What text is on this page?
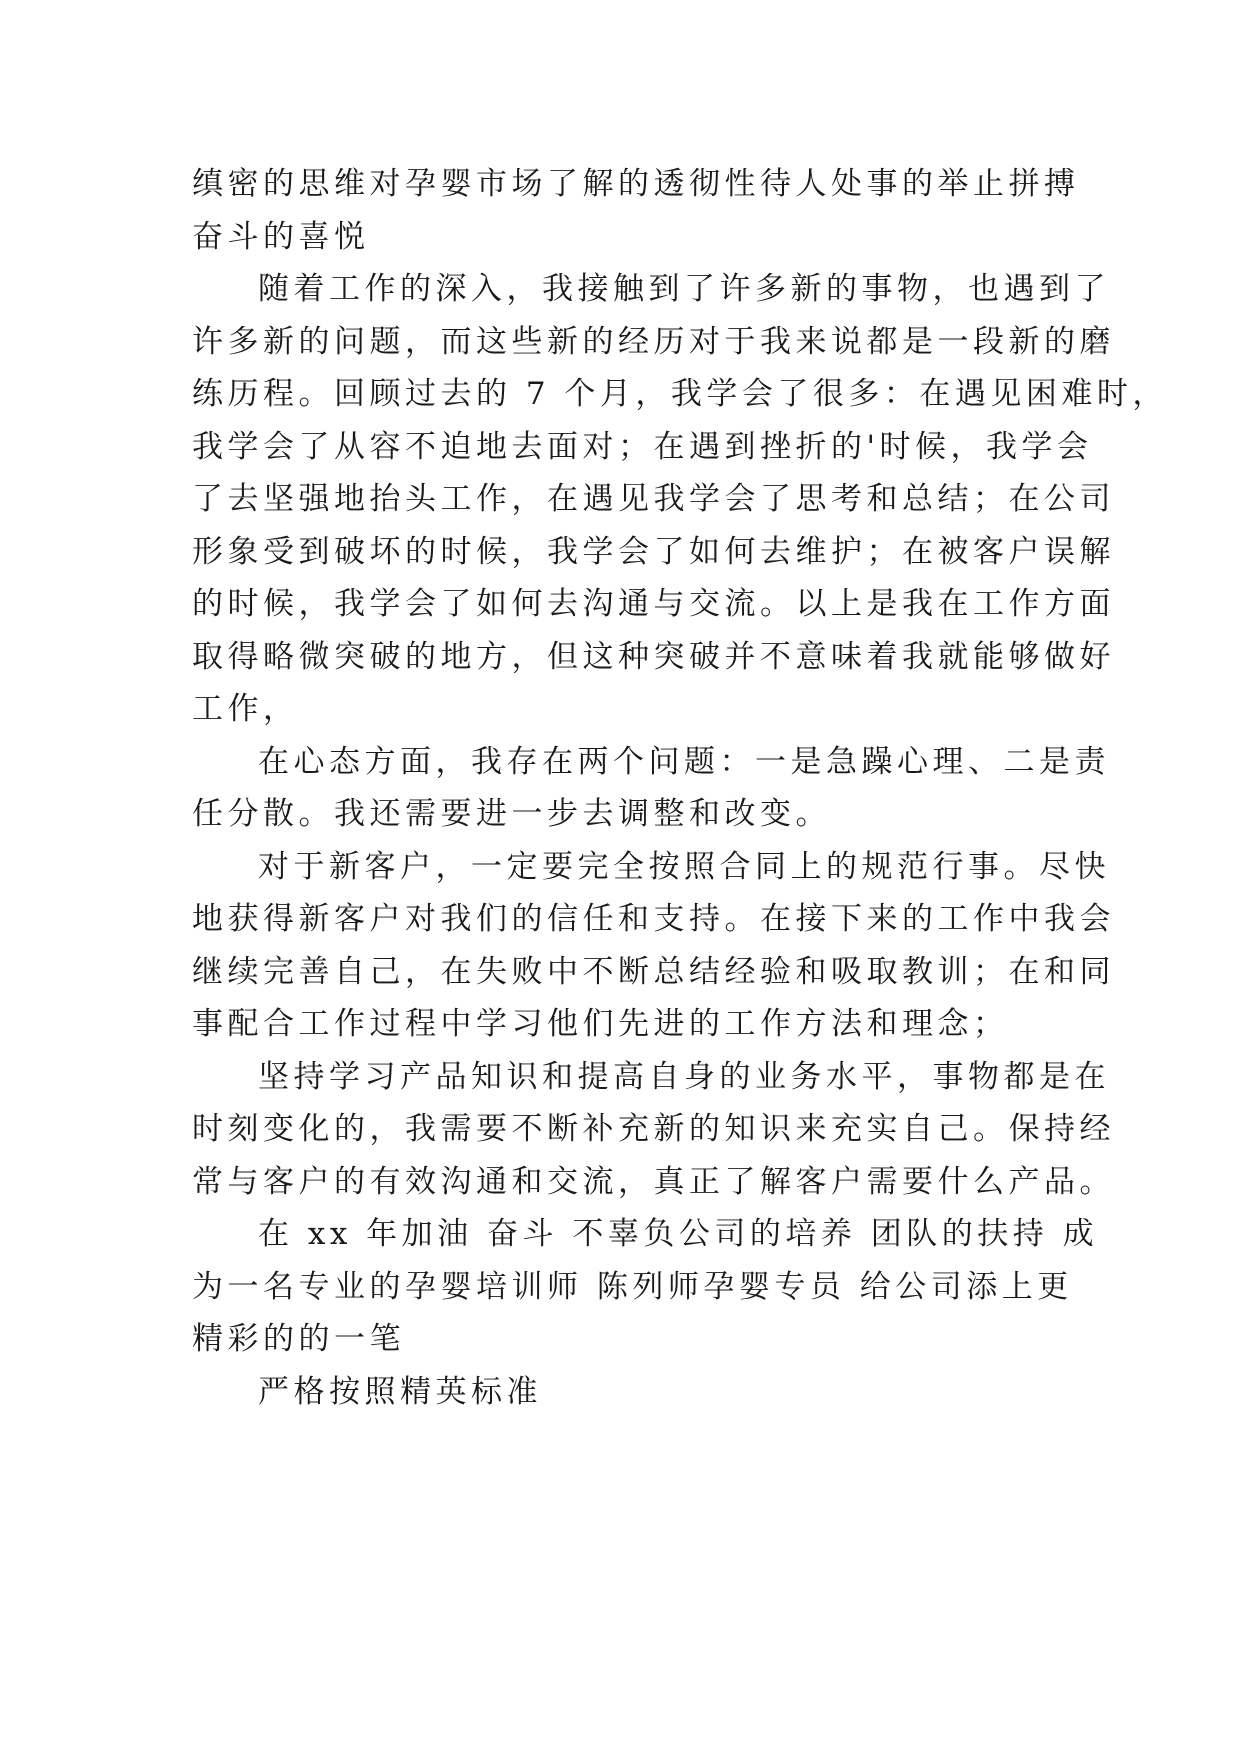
缜密的思维对孕婴市场了解的透彻性待人处事的举止拼搏
奋斗的喜悦

随着工作的深入，我接触到了许多新的事物，也遇到了
许多新的问题，而这些新的经历对于我来说都是一段新的磨
练历程。回顾过去的 7 个月，我学会了很多：在遇见困难时，
我学会了从容不迫地去面对；在遇到挫折的'时候，我学会
了去坚强地抬头工作，在遇见我学会了思考和总结；在公司
形象受到破坏的时候，我学会了如何去维护；在被客户误解
的时候，我学会了如何去沟通与交流。以上是我在工作方面
取得略微突破的地方，但这种突破并不意味着我就能够做好
工作，

在心态方面，我存在两个问题：一是急躁心理、二是责
任分散。我还需要进一步去调整和改变。

对于新客户，一定要完全按照合同上的规范行事。尽快
地获得新客户对我们的信任和支持。在接下来的工作中我会
继续完善自己，在失败中不断总结经验和吸取教训；在和同
事配合工作过程中学习他们先进的工作方法和理念；

坚持学习产品知识和提高自身的业务水平，事物都是在
时刻变化的，我需要不断补充新的知识来充实自己。保持经
常与客户的有效沟通和交流，真正了解客户需要什么产品。

在 xx 年加油 奋斗 不辜负公司的培养 团队的扶持 成
为一名专业的孕婴培训师 陈列师孕婴专员 给公司添上更
精彩的的一笔

严格按照精英标准
